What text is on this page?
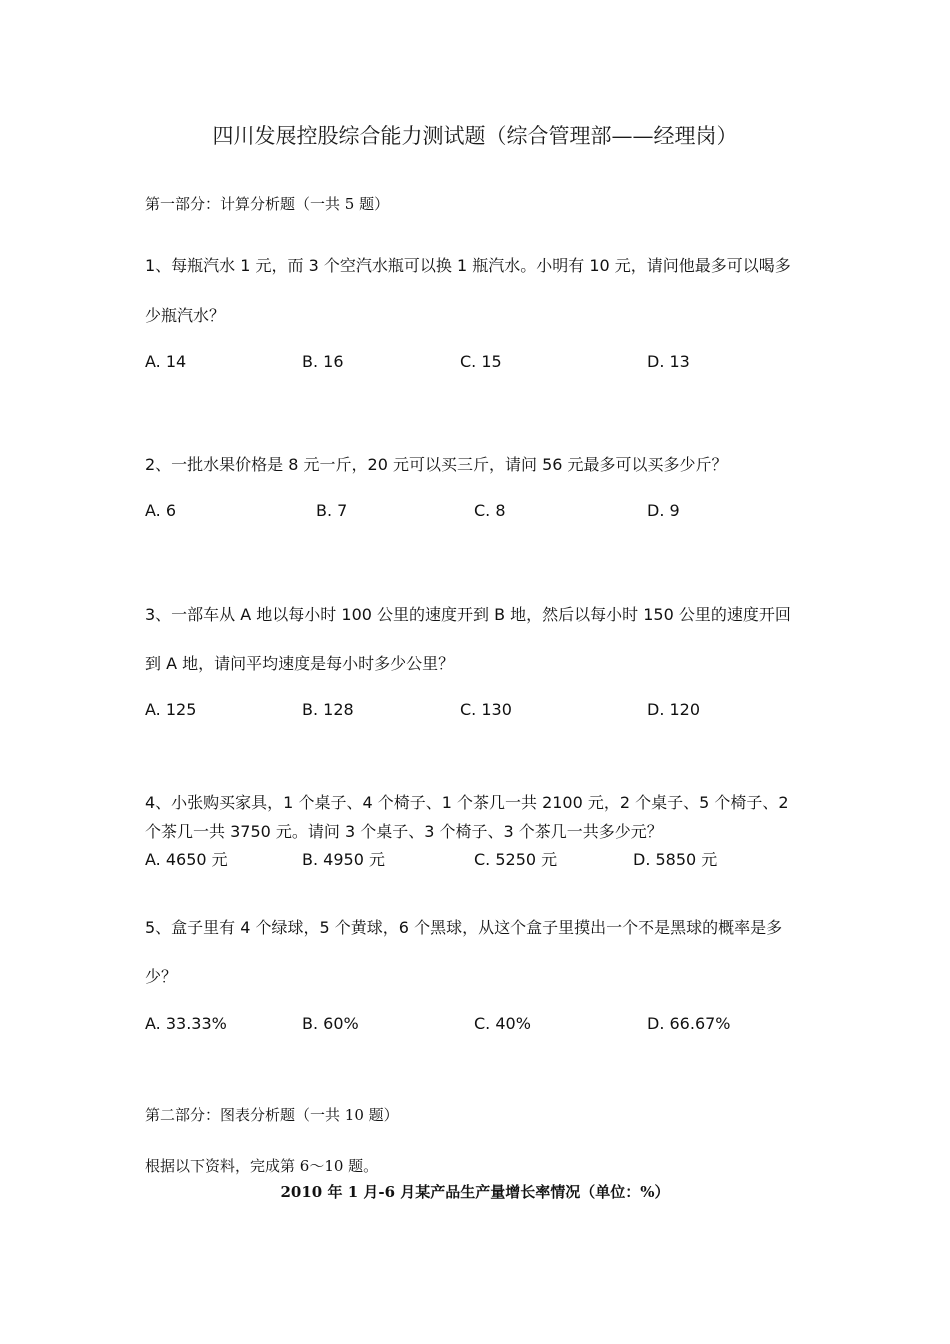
四川发展控股综合能力测试题（综合管理部——经理岗）
第一部分：计算分析题（一共 5 题）
1、每瓶汽水 1 元，而 3 个空汽水瓶可以换 1 瓶汽水。小明有 10 元，请问他最多可以喝多
少瓶汽水？
A. 14	B. 16	C. 15	D. 13
2、一批水果价格是 8 元一斤，20 元可以买三斤，请问 56 元最多可以买多少斤？
A. 6	B. 7	C. 8	D. 9
3、一部车从 A 地以每小时 100 公里的速度开到 B 地，然后以每小时 150 公里的速度开回
到 A 地，请问平均速度是每小时多少公里？
A. 125	B. 128	C. 130	D. 120
4、小张购买家具，1 个桌子、4 个椅子、1 个茶几一共 2100 元，2 个桌子、5 个椅子、2
个茶几一共 3750 元。请问 3 个桌子、3 个椅子、3 个茶几一共多少元？
A. 4650 元	B. 4950 元	C. 5250 元	D. 5850 元
5、盒子里有 4 个绿球，5 个黄球，6 个黑球，从这个盒子里摸出一个不是黑球的概率是多
少？
A. 33.33%	B. 60%	C. 40%	D. 66.67%
第二部分：图表分析题（一共 10 题）
根据以下资料，完成第 6～10 题。
2010 年 1 月-6 月某产品生产量增长率情况（单位：%）
